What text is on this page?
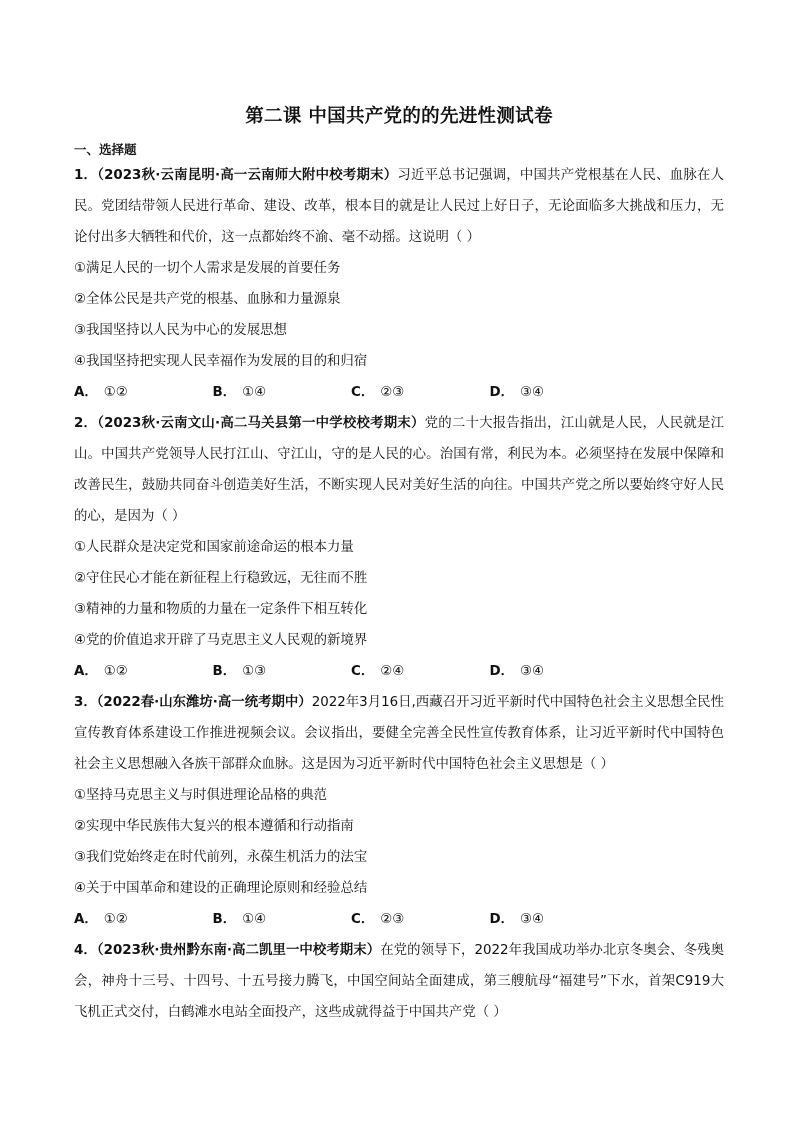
第二课 中国共产党的的先进性测试卷
一、选择题

1．（2023秋·云南昆明·高一云南师大附中校考期末）习近平总书记强调，中国共产党根基在人民、血脉在人民。党团结带领人民进行革命、建设、改革，根本目的就是让人民过上好日子，无论面临多大挑战和压力，无论付出多大牺牲和代价，这一点都始终不渝、毫不动摇。这说明（ ）

①满足人民的一切个人需求是发展的首要任务

②全体公民是共产党的根基、血脉和力量源泉

③我国坚持以人民为中心的发展思想

④我国坚持把实现人民幸福作为发展的目的和归宿

A． ①②	B． ①④	C． ②③	D． ③④

2．（2023秋·云南文山·高二马关县第一中学校校考期末）党的二十大报告指出，江山就是人民，人民就是江山。中国共产党领导人民打江山、守江山，守的是人民的心。治国有常，利民为本。必须坚持在发展中保障和改善民生，鼓励共同奋斗创造美好生活，不断实现人民对美好生活的向往。中国共产党之所以要始终守好人民的心，是因为（ ）

①人民群众是决定党和国家前途命运的根本力量

②守住民心才能在新征程上行稳致远，无往而不胜

③精神的力量和物质的力量在一定条件下相互转化

④党的价值追求开辟了马克思主义人民观的新境界

A． ①②	B． ①③	C． ②④	D． ③④

3．（2022春·山东潍坊·高一统考期中）2022年3月16日,西藏召开习近平新时代中国特色社会主义思想全民性宣传教育体系建设工作推进视频会议。会议指出，要健全完善全民性宣传教育体系，让习近平新时代中国特色社会主义思想融入各族干部群众血脉。这是因为习近平新时代中国特色社会主义思想是（ ）

①坚持马克思主义与时俱进理论品格的典范

②实现中华民族伟大复兴的根本遵循和行动指南

③我们党始终走在时代前列，永葆生机活力的法宝

④关于中国革命和建设的正确理论原则和经验总结

A． ①②	B． ①④	C． ②③	D． ③④

4．（2023秋·贵州黔东南·高二凯里一中校考期末）在党的领导下，2022年我国成功举办北京冬奥会、冬残奥会，神舟十三号、十四号、十五号接力腾飞，中国空间站全面建成，第三艘航母“福建号”下水，首架C919大飞机正式交付，白鹤滩水电站全面投产，这些成就得益于中国共产党（ ）
